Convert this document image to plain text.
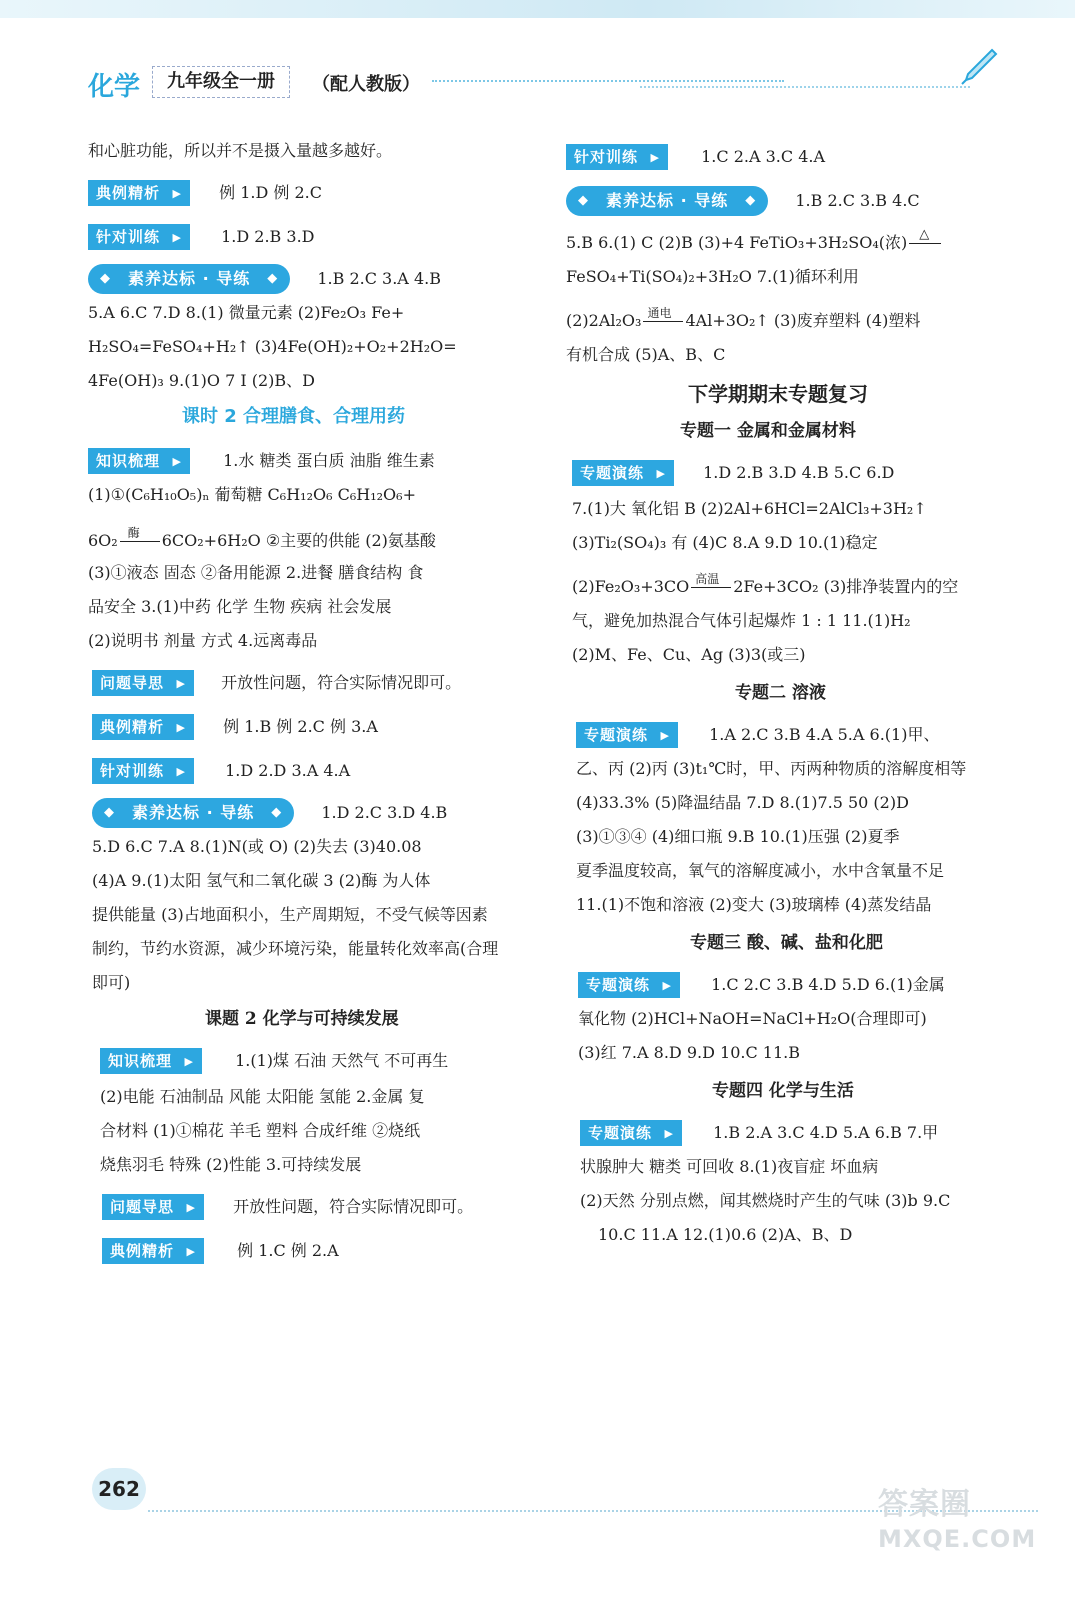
化学	九年级全一册	（配人教版）
和心脏功能，所以并不是摄入量越多越好。
典例精析 ▶	例 1.D 例 2.C
针对训练 ▶	1.D 2.B 3.D
◆ 素养达标 · 导练 ◆	1.B 2.C 3.A 4.B
5.A 6.C 7.D 8.(1) 微量元素 (2)Fe₂O₃ Fe+
H₂SO₄=FeSO₄+H₂↑ (3)4Fe(OH)₂+O₂+2H₂O=
4Fe(OH)₃ 9.(1)O 7 I (2)B、D
课时 2 合理膳食、合理用药
知识梳理 ▶	1.水 糖类 蛋白质 油脂 维生素
(1)①(C₆H₁₀O₅)ₙ 葡萄糖 C₆H₁₂O₆ C₆H₁₂O₆+
6O₂ 酶 6CO₂+6H₂O ②主要的供能 (2)氨基酸
(3)①液态 固态 ②备用能源 2.进餐 膳食结构 食
品安全 3.(1)中药 化学 生物 疾病 社会发展
(2)说明书 剂量 方式 4.远离毒品
问题导思 ▶	开放性问题，符合实际情况即可。
典例精析 ▶	例 1.B 例 2.C 例 3.A
针对训练 ▶	1.D 2.D 3.A 4.A
◆ 素养达标 · 导练 ◆	1.D 2.C 3.D 4.B
5.D 6.C 7.A 8.(1)N(或 O) (2)失去 (3)40.08
(4)A 9.(1)太阳 氢气和二氧化碳 3 (2)酶 为人体
提供能量 (3)占地面积小，生产周期短，不受气候等因素
制约，节约水资源，减少环境污染，能量转化效率高(合理
即可)
课题 2 化学与可持续发展
知识梳理 ▶	1.(1)煤 石油 天然气 不可再生
(2)电能 石油制品 风能 太阳能 氢能 2.金属 复
合材料 (1)①棉花 羊毛 塑料 合成纤维 ②烧纸
烧焦羽毛 特殊 (2)性能 3.可持续发展
问题导思 ▶	开放性问题，符合实际情况即可。
典例精析 ▶	例 1.C 例 2.A
针对训练 ▶	1.C 2.A 3.C 4.A
◆ 素养达标 · 导练 ◆	1.B 2.C 3.B 4.C
5.B 6.(1) C (2)B (3)+4 FeTiO₃+3H₂SO₄(浓) △
FeSO₄+Ti(SO₄)₂+3H₂O 7.(1)循环利用
(2)2Al₂O₃ 通电 4Al+3O₂↑ (3)废弃塑料 (4)塑料
有机合成 (5)A、B、C
下学期期末专题复习
专题一 金属和金属材料
专题演练 ▶	1.D 2.B 3.D 4.B 5.C 6.D
7.(1)大 氧化铝 B (2)2Al+6HCl=2AlCl₃+3H₂↑
(3)Ti₂(SO₄)₃ 有 (4)C 8.A 9.D 10.(1)稳定
(2)Fe₂O₃+3CO 高温 2Fe+3CO₂ (3)排净装置内的空
气，避免加热混合气体引起爆炸 1 : 1 11.(1)H₂
(2)M、Fe、Cu、Ag (3)3(或三)
专题二 溶液
专题演练 ▶	1.A 2.C 3.B 4.A 5.A 6.(1)甲、
乙、丙 (2)丙 (3)t₁℃时，甲、丙两种物质的溶解度相等
(4)33.3% (5)降温结晶 7.D 8.(1)7.5 50 (2)D
(3)①③④ (4)细口瓶 9.B 10.(1)压强 (2)夏季
夏季温度较高，氧气的溶解度减小，水中含氧量不足
11.(1)不饱和溶液 (2)变大 (3)玻璃棒 (4)蒸发结晶
专题三 酸、碱、盐和化肥
专题演练 ▶	1.C 2.C 3.B 4.D 5.D 6.(1)金属
氧化物 (2)HCl+NaOH=NaCl+H₂O(合理即可)
(3)红 7.A 8.D 9.D 10.C 11.B
专题四 化学与生活
专题演练 ▶	1.B 2.A 3.C 4.D 5.A 6.B 7.甲
状腺肿大 糖类 可回收 8.(1)夜盲症 坏血病
(2)天然 分别点燃，闻其燃烧时产生的气味 (3)b 9.C
10.C 11.A 12.(1)0.6 (2)A、B、D
262	答案圈
MXQE.COM
